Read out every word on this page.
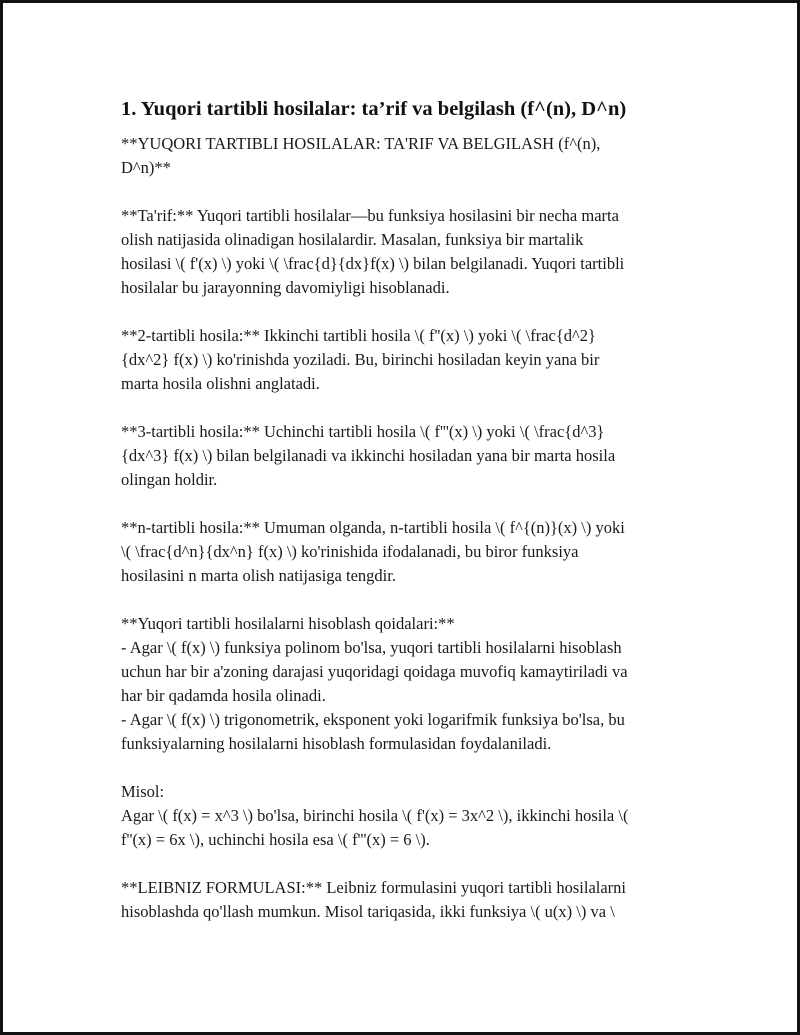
1. Yuqori tartibli hosilalar: ta’rif va belgilash (f^(n), D^n)
**YUQORI TARTIBLI HOSILALAR: TA'RIF VA BELGILASH (f^(n),
D^n)**
**Ta'rif:** Yuqori tartibli hosilalar—bu funksiya hosilasini bir necha marta
olish natijasida olinadigan hosilalardir. Masalan, funksiya bir martalik
hosilasi \( f'(x) \) yoki \( \frac{d}{dx}f(x) \) bilan belgilanadi. Yuqori tartibli
hosilalar bu jarayonning davomiyligi hisoblanadi.
**2-tartibli hosila:** Ikkinchi tartibli hosila \( f''(x) \) yoki \( \frac{d^2}
{dx^2} f(x) \) ko'rinishda yoziladi. Bu, birinchi hosiladan keyin yana bir
marta hosila olishni anglatadi.
**3-tartibli hosila:** Uchinchi tartibli hosila \( f'''(x) \) yoki \( \frac{d^3}
{dx^3} f(x) \) bilan belgilanadi va ikkinchi hosiladan yana bir marta hosila
olingan holdir.
**n-tartibli hosila:** Umuman olganda, n-tartibli hosila \( f^{(n)}(x) \) yoki
\( \frac{d^n}{dx^n} f(x) \) ko'rinishida ifodalanadi, bu biror funksiya
hosilasini n marta olish natijasiga tengdir.
**Yuqori tartibli hosilalarni hisoblash qoidalari:**
- Agar \( f(x) \) funksiya polinom bo'lsa, yuqori tartibli hosilalarni hisoblash
uchun har bir a'zoning darajasi yuqoridagi qoidaga muvofiq kamaytiriladi va
har bir qadamda hosila olinadi.
- Agar \( f(x) \) trigonometrik, eksponent yoki logarifmik funksiya bo'lsa, bu
funksiyalarning hosilalarni hisoblash formulasidan foydalaniladi.
Misol:
Agar \( f(x) = x^3 \) bo'lsa, birinchi hosila \( f'(x) = 3x^2 \), ikkinchi hosila \(
f''(x) = 6x \), uchinchi hosila esa \( f'''(x) = 6 \).
**LEIBNIZ FORMULASI:** Leibniz formulasini yuqori tartibli hosilalarni
hisoblashda qo'llash mumkun. Misol tariqasida, ikki funksiya \( u(x) \) va \
